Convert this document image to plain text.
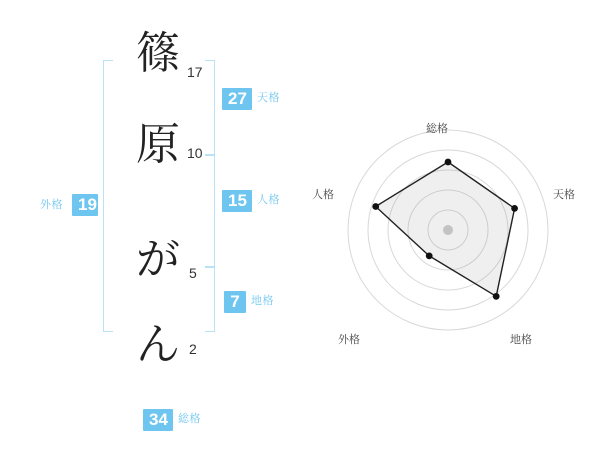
篠 17
原 10
が 5
ん 2
27 天格
15 人格
7	地格
外格 19
34 総格
総格
天格
地格
外格
人格
